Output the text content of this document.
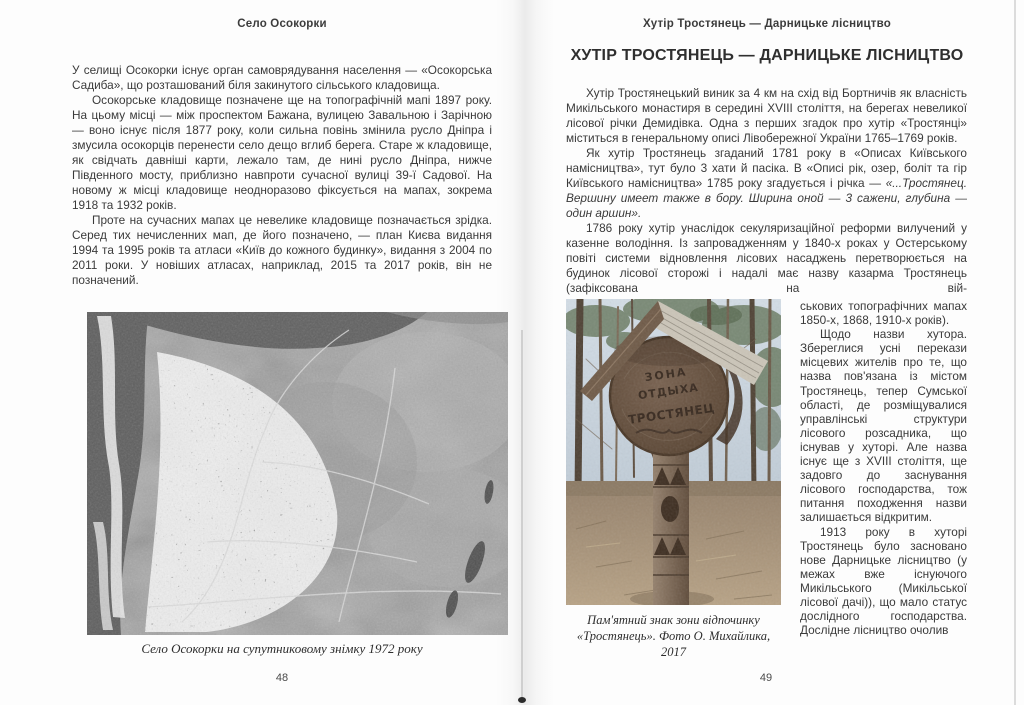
Село Осокорки

У селищі Осокорки існує орган самоврядування населення — «Осокорська Садиба», що розташований біля закинутого сільського кладовища.

Осокорське кладовище позначене ще на топографічній мапі 1897 року. На цьому місці — між проспектом Бажана, вулицею Завальною і Зарічною — воно існує після 1877 року, коли сильна повінь змінила русло Дніпра і змусила осокорців перенести село дещо вглиб берега. Старе ж кладовище, як свідчать давніші карти, лежало там, де нині русло Дніпра, нижче Південного мосту, приблизно навпроти сучасної вулиці 39-ї Садової. На новому ж місці кладовище неодноразово фіксується на мапах, зокрема 1918 та 1932 років.

Проте на сучасних мапах це невелике кладовище позначається зрідка. Серед тих нечисленних мап, де його позначено, — план Києва видання 1994 та 1995 років та атласи «Київ до кожного будинку», видання з 2004 по 2011 роки. У новіших атласах, наприклад, 2015 та 2017 років, він не позначений.

Село Осокорки на супутниковому знімку 1972 року
48
Хутір Тростянець — Дарницьке лісництво
ХУТІР ТРОСТЯНЕЦЬ — ДАРНИЦЬКЕ ЛІСНИЦТВО

Хутір Тростянецький виник за 4 км на схід від Бортничів як власність Микільського монастиря в середині XVIII століття, на берегах невеликої лісової річки Демидівка. Одна з перших згадок про хутір «Тростянці» міститься в генеральному описі Лівобережної України 1765–1769 років.

Як хутір Тростянець згаданий 1781 року в «Описах Київського намісництва», тут було 3 хати й пасіка. В «Описі рік, озер, боліт та гір Київського намісництва» 1785 року згадується і річка — «...Тростянец. Вершину имеет также в бору. Ширина оной — 3 сажени, глубина — один аршин».

1786 року хутір унаслідок секуляризаційної реформи вилучений у казенне володіння. Із запровадженням у 1840-х роках у Остерському повіті системи відновлення лісових насаджень перетворюється на будинок лісової сторожі і надалі має назву казарма Тростянець (зафіксована на вій-

Пам'ятний знак зони відпочинку
«Тростянець». Фото О. Михайлика, 2017

ськових топографічних мапах 1850-х, 1868, 1910-х років).

Щодо назви хутора. Збереглися усні перекази місцевих жителів про те, що назва пов'язана із містом Тростянець, тепер Сумської області, де розміщувалися управлінські структури лісового розсадника, що існував у хуторі. Але назва існує ще з XVIII століття, ще задовго до заснування лісового господарства, тож питання походження назви залишається відкритим.

1913 року в хуторі Тростянець було засновано нове Дарницьке лісництво (у межах вже існуючого Микільського (Микільської лісової дачі)), що мало статус дослідного господарства. Дослідне лісництво очолив

49
